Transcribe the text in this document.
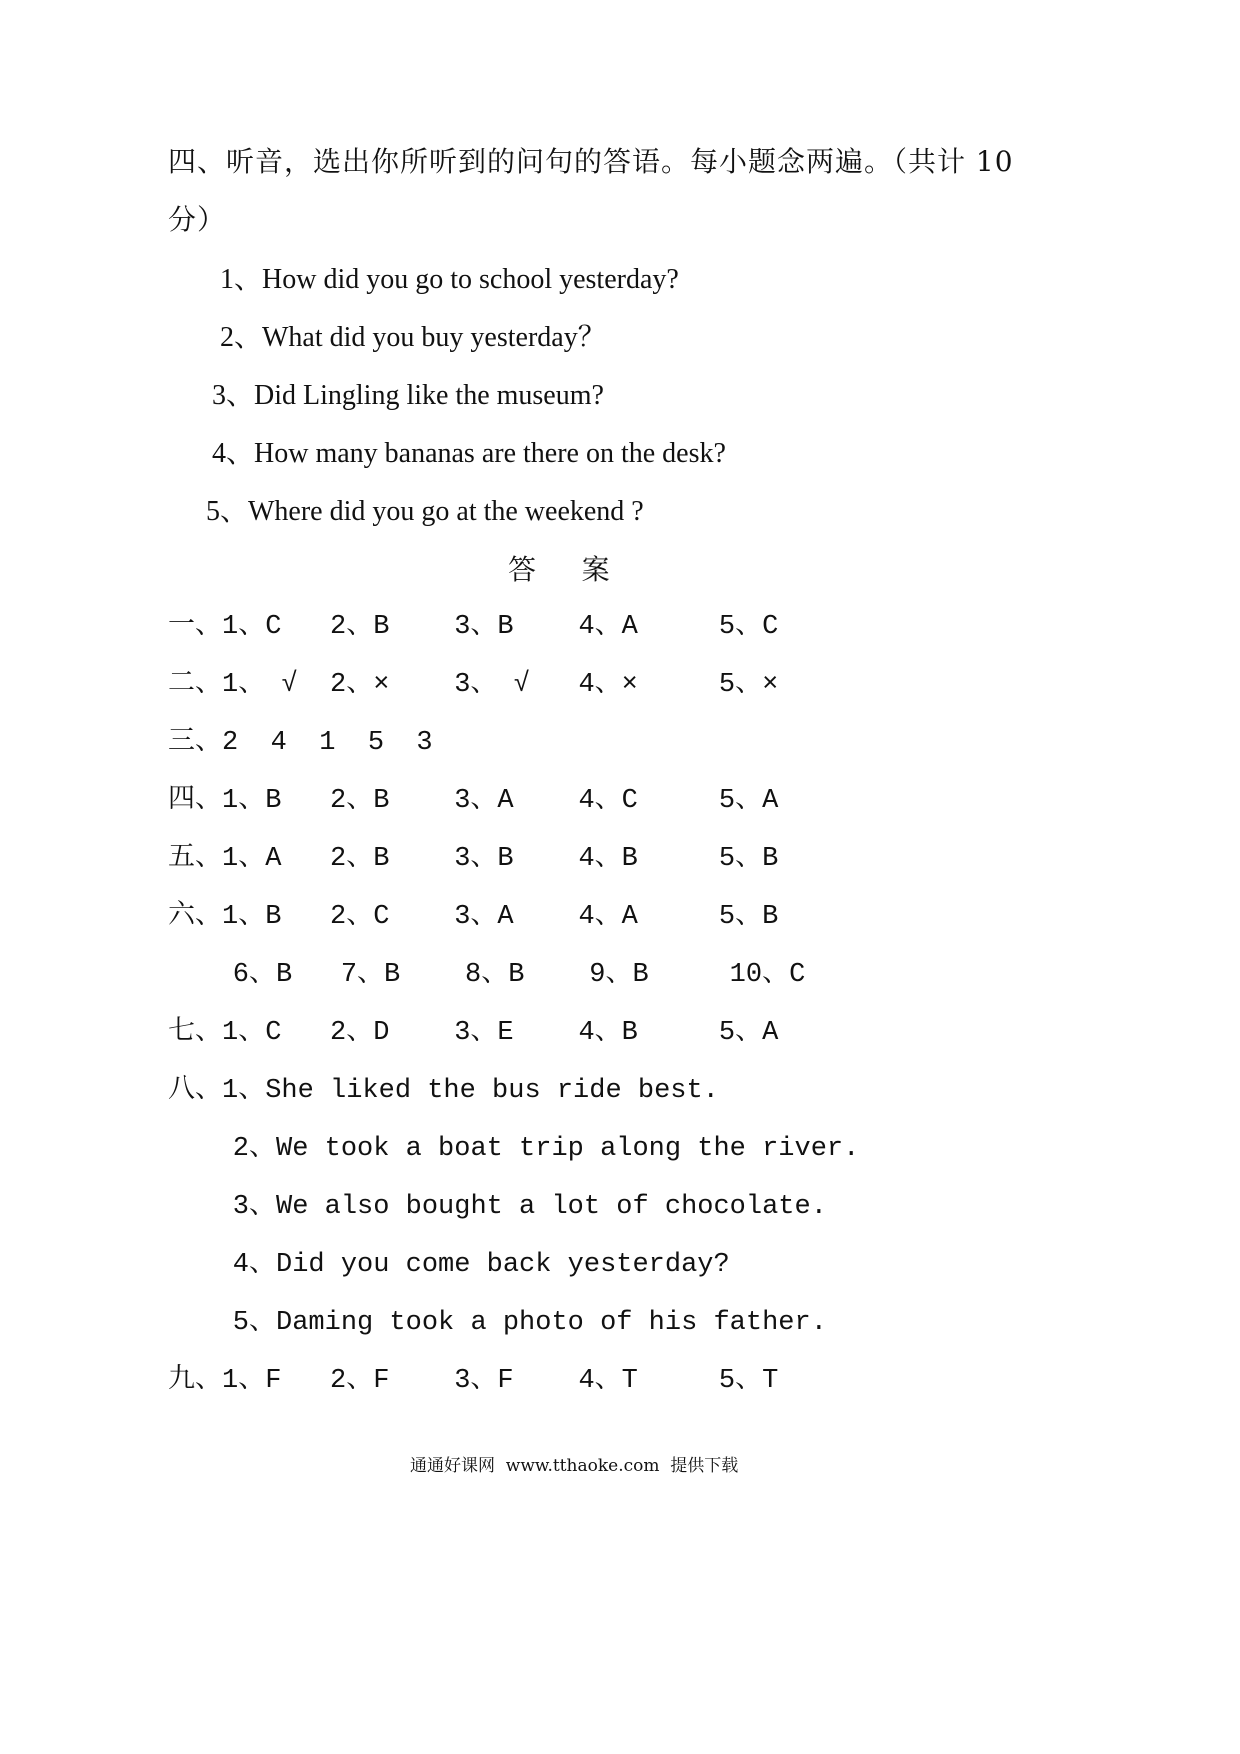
四、听音，选出你所听到的问句的答语。每小题念两遍。（共计 10
分）
1、How did you go to school yesterday?
2、What did you buy yesterday？
3、Did Lingling like the museum?
4、How many bananas are there on the desk?
5、Where did you go at the weekend ?
答    案
一、1、C   2、B    3、B    4、A     5、C
二、1、 √  2、×    3、 √   4、×     5、×
三、2  4  1  5  3
四、1、B   2、B    3、A    4、C     5、A
五、1、A   2、B    3、B    4、B     5、B
六、1、B   2、C    3、A    4、A     5、B
6、B   7、B    8、B    9、B     10、C
七、1、C   2、D    3、E    4、B     5、A
八、1、She liked the bus ride best.
2、We took a boat trip along the river.
3、We also bought a lot of chocolate.
4、Did you come back yesterday?
5、Daming took a photo of his father.
九、1、F   2、F    3、F    4、T     5、T
通通好课网  www.tthaoke.com  提供下载
